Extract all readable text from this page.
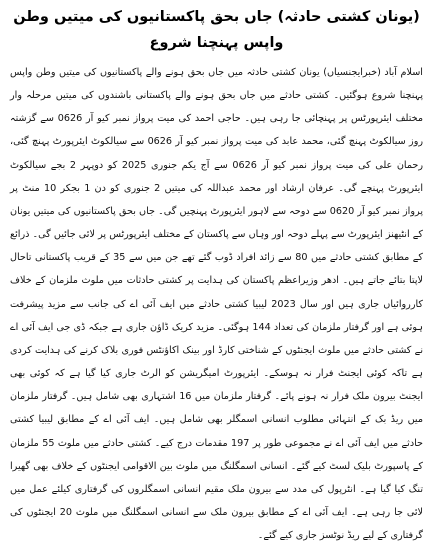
(یونان کشتی حادثہ) جاں بحق پاکستانیوں کی میتیں وطن واپس پہنچنا شروع

اسلام آباد (خبرایجنسیاں) یونان کشتی حادثہ میں جاں بحق ہونے والے پاکستانیوں کی میتیں وطن واپس پہنچنا شروع ہوگئیں۔ کشتی حادثے میں جاں بحق ہونے والے پاکستانی باشندوں کی میتیں مرحلہ وار مختلف ایئرپورٹس پر پہنچائی جا رہی ہیں۔ حاجی احمد کی میت پرواز نمبر کیو آر 0626 سے گزشتہ روز سیالکوٹ پہنچ گئی، محمد عابد کی میت پرواز نمبر کیو آر 0626 سے سیالکوٹ ایئرپورٹ پہنچ گئی، رحمان علی کی میت پرواز نمبر کیو آر 0626 سے آج یکم جنوری 2025 کو دوپہر 2 بجے سیالکوٹ ایئرپورٹ پہنچے گی۔ عرفان ارشاد اور محمد عبداللہ کی میتیں 2 جنوری کو دن 1 بجکر 10 منٹ پر پرواز نمبر کیو آر 0620 سے دوحہ سے لاہور ایئرپورٹ پہنچیں گی۔ جاں بحق پاکستانیوں کی میتیں یونان کے انٹیھنز ایئرپورٹ سے پہلے دوحہ اور وہاں سے پاکستان کے مختلف ایئرپورٹس پر لائی جائیں گی۔ ذرائع کے مطابق کشتی حادثے میں 80 سے زائد افراد ڈوب گئے تھے جن میں سے 35 کے قریب پاکستانی تاحال لاپتا بتائے جاتے ہیں۔ ادھر وزیراعظم پاکستان کی ہدایت پر کشتی حادثات میں ملوث ملزمان کے خلاف کارروائیاں جاری ہیں اور سال 2023 لیبیا کشتی حادثے میں ایف آئی اے کی جانب سے مزید پیشرفت ہوئی ہے اور گرفتار ملزمان کی تعداد 144 ہوگئی۔ مزید کریک ڈاؤن جاری ہے جبکہ ڈی جی ایف آئی اے نے کشتی حادثے میں ملوث ایجنٹوں کے شناختی کارڈ اور بینک اکاؤنٹس فوری بلاک کرنے کی ہدایت کردی ہے تاکہ کوئی ایجنٹ فرار نہ ہوسکے۔ ایئرپورٹ امیگریشن کو الرٹ جاری کیا گیا ہے کہ کوئی بھی ایجنٹ بیرون ملک فرار نہ ہونے پائے۔ گرفتار ملزمان میں 16 اشتہاری بھی شامل ہیں۔ گرفتار ملزمان میں ریڈ بک کے انتہائی مطلوب انسانی اسمگلر بھی شامل ہیں۔ ایف آئی اے کے مطابق لیبیا کشتی حادثے میں ایف آئی اے نے مجموعی طور پر 197 مقدمات درج کیے۔ کشتی حادثے میں ملوث 55 ملزمان کے پاسپورٹ بلیک لسٹ کیے گئے۔ انسانی اسمگلنگ میں ملوث بین الاقوامی ایجنٹوں کے خلاف بھی گھیرا تنگ کیا گیا ہے۔ انٹرپول کی مدد سے بیرون ملک مقیم انسانی اسمگلروں کی گرفتاری کیلئے عمل میں لائی جا رہی ہے۔ ایف آئی اے کے مطابق بیرون ملک سے انسانی اسمگلنگ میں ملوث 20 ایجنٹوں کی گرفتاری کے لیے ریڈ نوٹسز جاری کیے گئے۔
